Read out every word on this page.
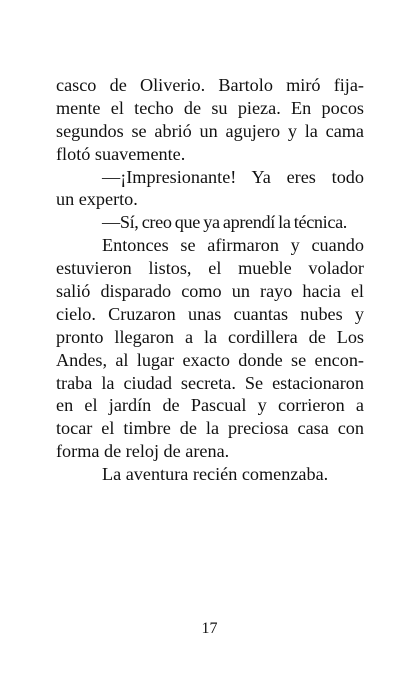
casco de Oliverio. Bartolo miró fija-
mente el techo de su pieza. En pocos
segundos se abrió un agujero y la cama
flotó suavemente.
—¡Impresionante! Ya eres todo
un experto.
—Sí, creo que ya aprendí la técnica.
Entonces se afirmaron y cuando
estuvieron listos, el mueble volador
salió disparado como un rayo hacia el
cielo. Cruzaron unas cuantas nubes y
pronto llegaron a la cordillera de Los
Andes, al lugar exacto donde se encon-
traba la ciudad secreta. Se estacionaron
en el jardín de Pascual y corrieron a
tocar el timbre de la preciosa casa con
forma de reloj de arena.
La aventura recién comenzaba.
17
